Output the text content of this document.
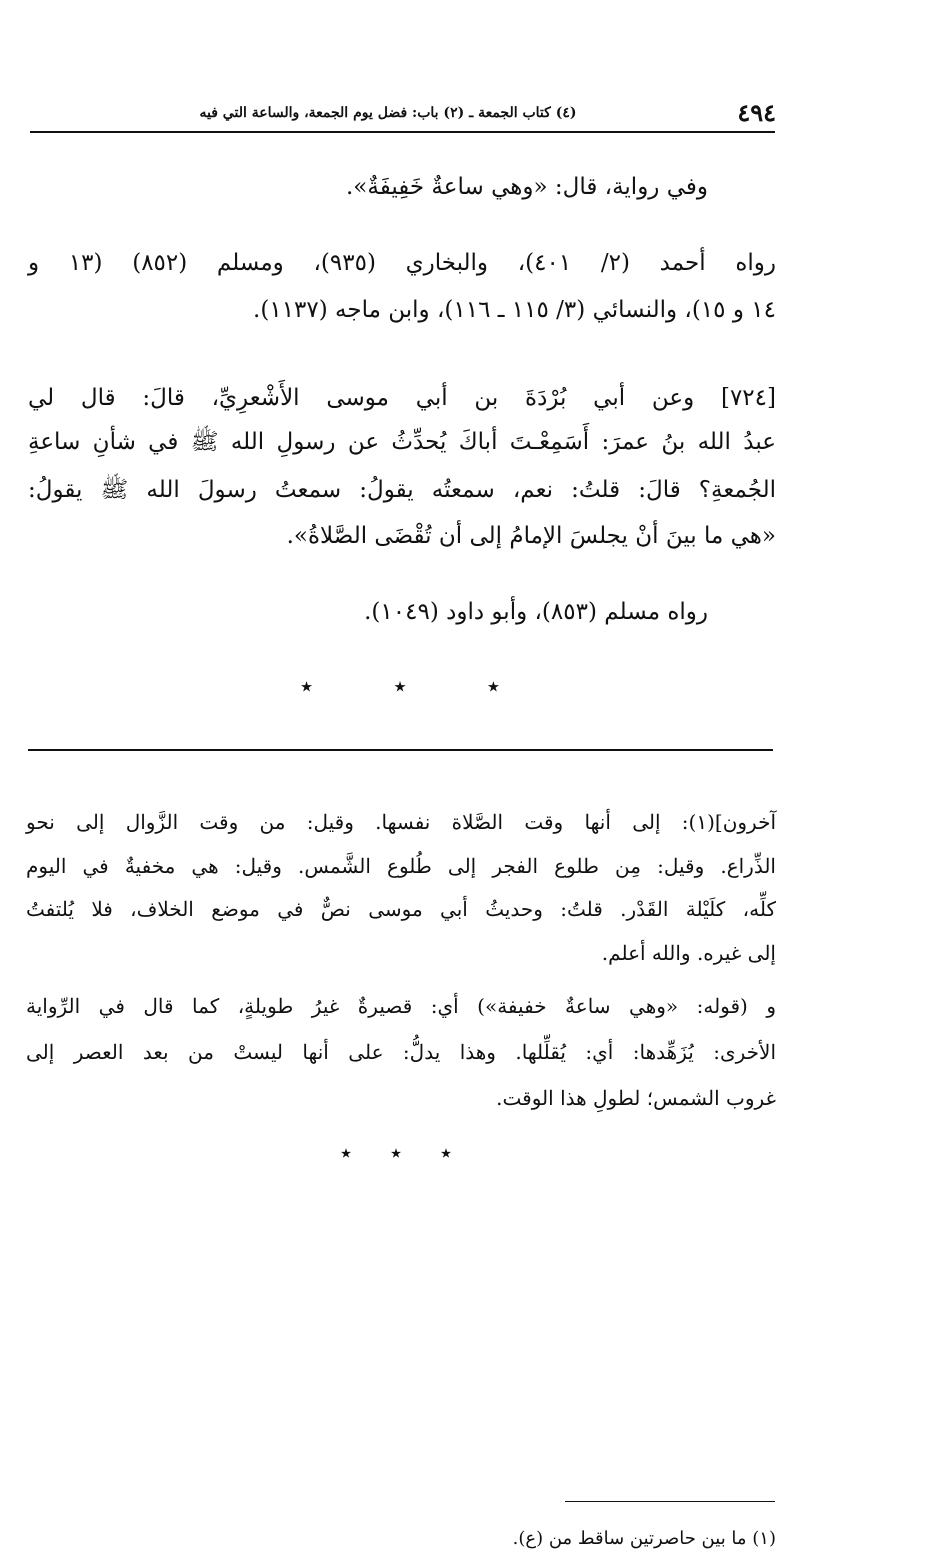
٤٩٤
(٤) كتاب الجمعة ـ (٢) باب: فضل يوم الجمعة، والساعة التي فيه
وفي رواية، قال: «وهي ساعةٌ خَفِيفَةٌ».
رواه أحمد (٢/ ٤٠١)، والبخاري (٩٣٥)، ومسلم (٨٥٢) (١٣ و
١٤ و ١٥)، والنسائي (٣/ ١١٥ ـ ١١٦)، وابن ماجه (١١٣٧).
[٧٢٤] وعن أبي بُرْدَةَ بن أبي موسى الأَشْعرِيِّ، قالَ: قال لي
عبدُ الله بنُ عمرَ: أَسَمِعْـتَ أباكَ يُحدِّثُ عن رسولِ الله ﷺ في شأنِ ساعةِ
الجُمعةِ؟ قالَ: قلتُ: نعم، سمعتُه يقولُ: سمعتُ رسولَ الله ﷺ يقولُ:
«هي ما بينَ أنْ يجلسَ الإمامُ إلى أن تُقْضَى الصَّلاةُ».
رواه مسلم (٨٥٣)، وأبو داود (١٠٤٩).
٭	٭	٭
آخرون](١): إلى أنها وقت الصَّلاة نفسها. وقيل: من وقت الزَّوال إلى نحو
الذِّراع. وقيل: مِن طلوع الفجر إلى طُلوع الشَّمس. وقيل: هي مخفيةٌ في اليوم
كلِّه، كلَيْلة القَدْر. قلتُ: وحديثُ أبي موسى نصٌّ في موضع الخلاف، فلا يُلتفتُ
إلى غيره. والله أعلم.
و (قوله: «وهي ساعةٌ خفيفة») أي: قصيرةٌ غيرُ طويلةٍ، كما قال في الرِّواية
الأخرى: يُزَهِّدها: أي: يُقلِّلها. وهذا يدلُّ: على أنها ليستْ من بعد العصر إلى
غروب الشمس؛ لطولِ هذا الوقت.
٭ ٭ ٭
(١) ما بين حاصرتين ساقط من (ع).
